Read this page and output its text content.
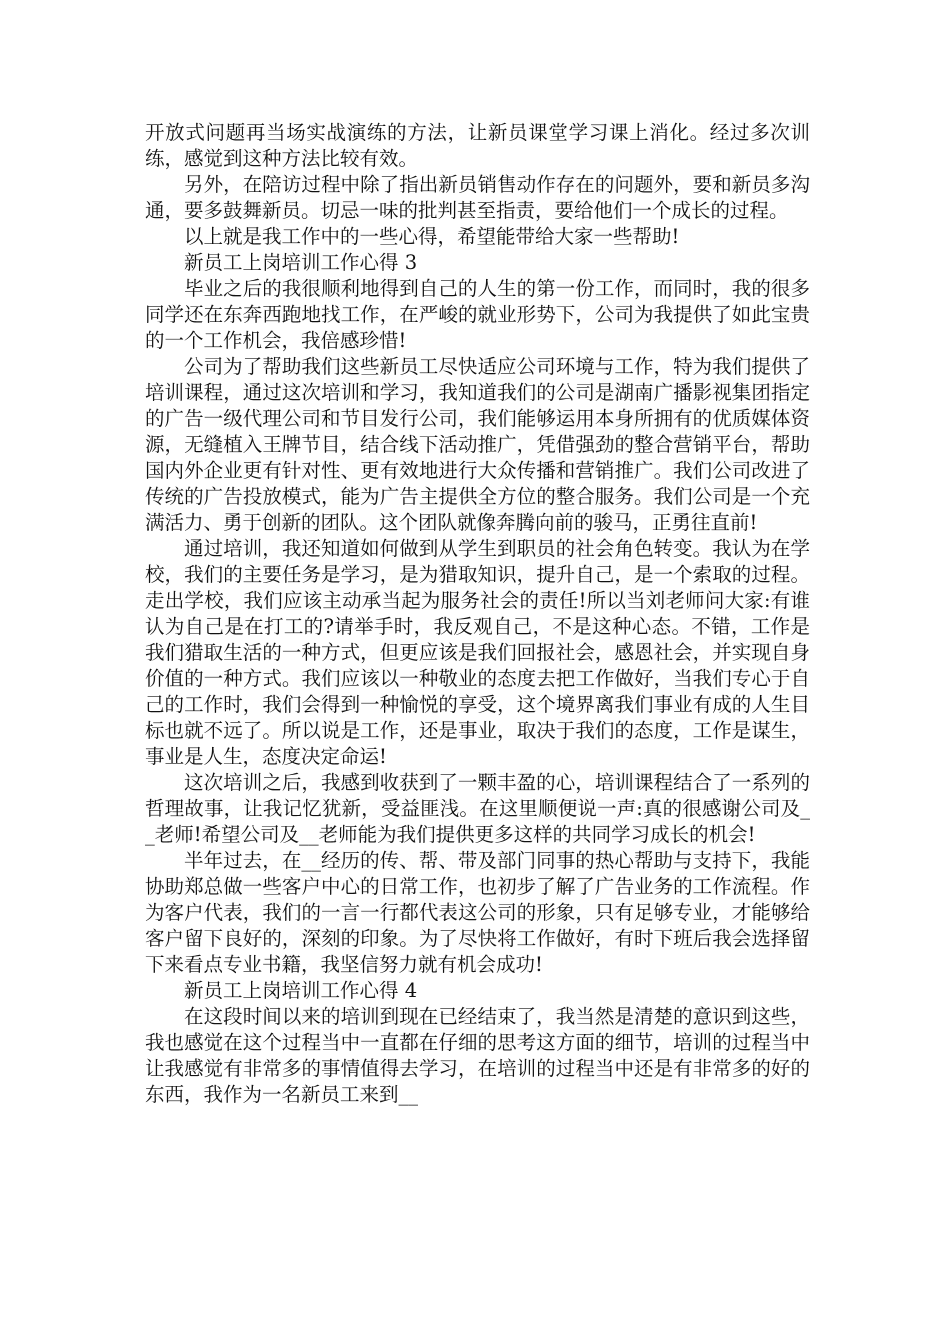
开放式问题再当场实战演练的方法，让新员课堂学习课上消化。经过多次训练，感觉到这种方法比较有效。

另外，在陪访过程中除了指出新员销售动作存在的问题外，要和新员多沟通，要多鼓舞新员。切忌一味的批判甚至指责，要给他们一个成长的过程。

以上就是我工作中的一些心得，希望能带给大家一些帮助!

新员工上岗培训工作心得 3

毕业之后的我很顺利地得到自己的人生的第一份工作，而同时，我的很多同学还在东奔西跑地找工作，在严峻的就业形势下，公司为我提供了如此宝贵的一个工作机会，我倍感珍惜!

公司为了帮助我们这些新员工尽快适应公司环境与工作，特为我们提供了培训课程，通过这次培训和学习，我知道我们的公司是湖南广播影视集团指定的广告一级代理公司和节目发行公司，我们能够运用本身所拥有的优质媒体资源，无缝植入王牌节目，结合线下活动推广，凭借强劲的整合营销平台，帮助国内外企业更有针对性、更有效地进行大众传播和营销推广。我们公司改进了传统的广告投放模式，能为广告主提供全方位的整合服务。我们公司是一个充满活力、勇于创新的团队。这个团队就像奔腾向前的骏马，正勇往直前!

通过培训，我还知道如何做到从学生到职员的社会角色转变。我认为在学校，我们的主要任务是学习，是为猎取知识，提升自己，是一个索取的过程。走出学校，我们应该主动承当起为服务社会的责任!所以当刘老师问大家:有谁认为自己是在打工的?请举手时，我反观自己，不是这种心态。不错，工作是我们猎取生活的一种方式，但更应该是我们回报社会，感恩社会，并实现自身价值的一种方式。我们应该以一种敬业的态度去把工作做好，当我们专心于自己的工作时，我们会得到一种愉悦的享受，这个境界离我们事业有成的人生目标也就不远了。所以说是工作，还是事业，取决于我们的态度，工作是谋生，事业是人生，态度决定命运!

这次培训之后，我感到收获到了一颗丰盈的心，培训课程结合了一系列的哲理故事，让我记忆犹新，受益匪浅。在这里顺便说一声:真的很感谢公司及__老师!希望公司及__老师能为我们提供更多这样的共同学习成长的机会!

半年过去，在__经历的传、帮、带及部门同事的热心帮助与支持下，我能协助郑总做一些客户中心的日常工作，也初步了解了广告业务的工作流程。作为客户代表，我们的一言一行都代表这公司的形象，只有足够专业，才能够给客户留下良好的，深刻的印象。为了尽快将工作做好，有时下班后我会选择留下来看点专业书籍，我坚信努力就有机会成功!

新员工上岗培训工作心得 4

在这段时间以来的培训到现在已经结束了，我当然是清楚的意识到这些，我也感觉在这个过程当中一直都在仔细的思考这方面的细节，培训的过程当中让我感觉有非常多的事情值得去学习，在培训的过程当中还是有非常多的好的东西，我作为一名新员工来到__
